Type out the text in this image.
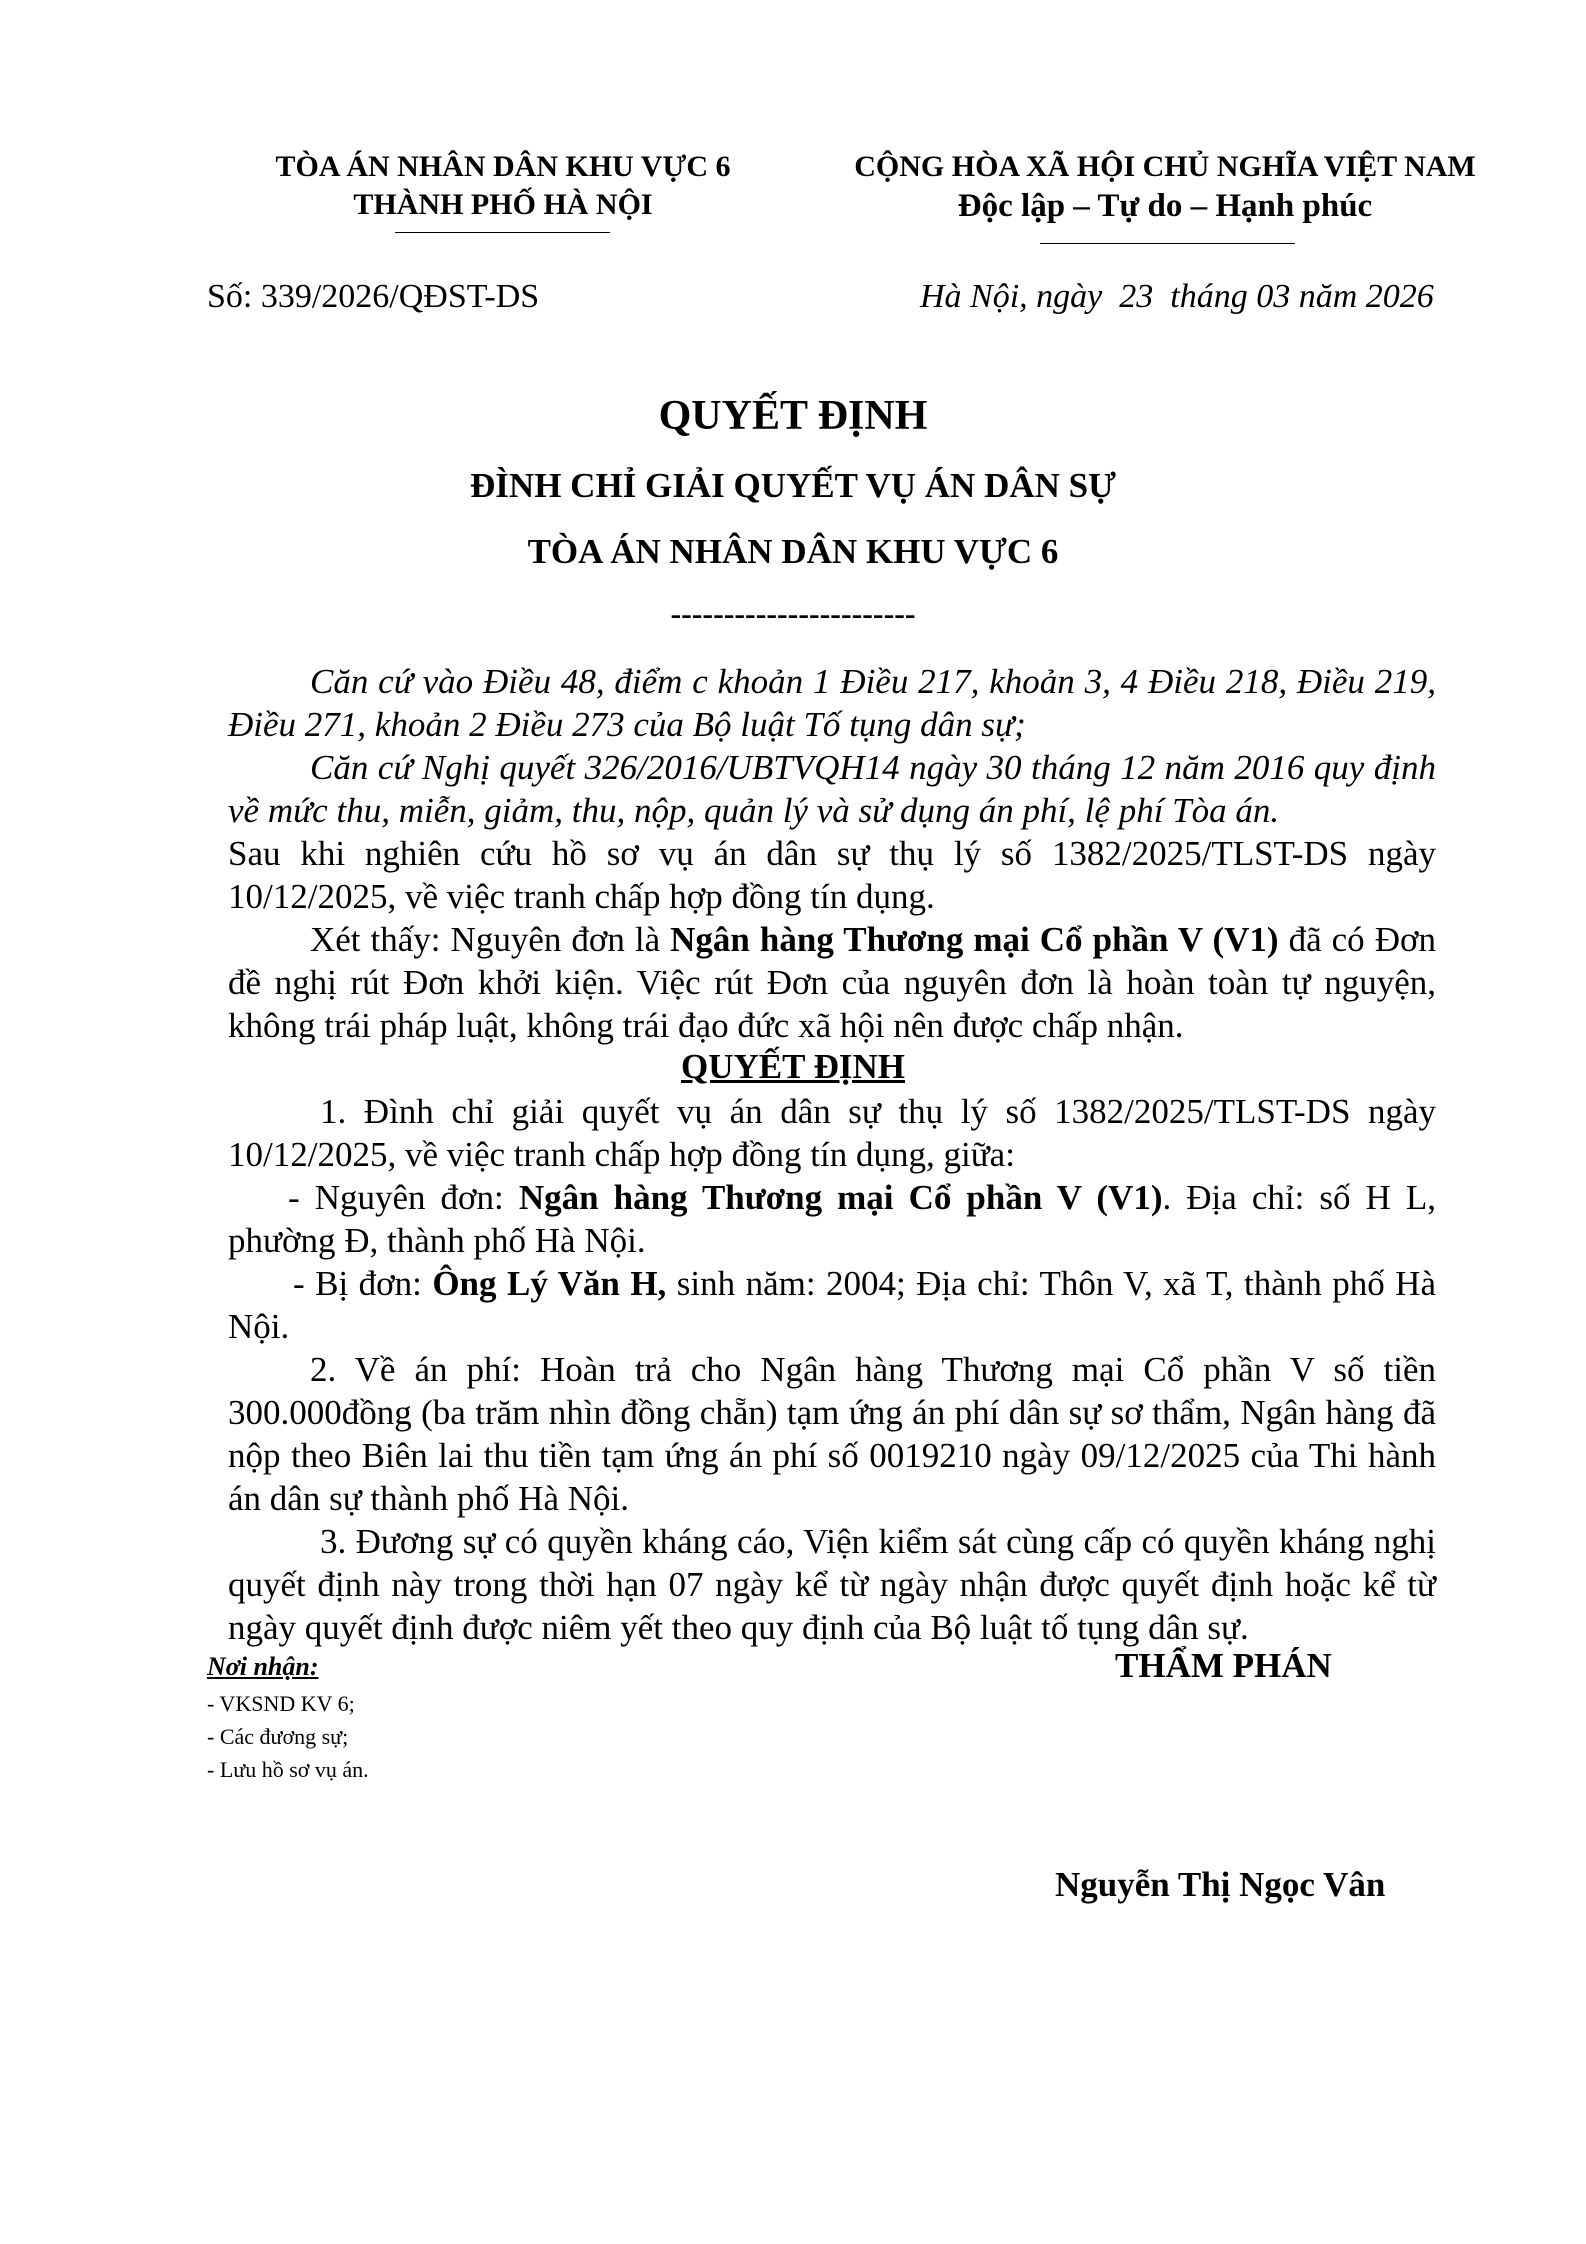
TÒA ÁN NHÂN DÂN KHU VỰC 6
THÀNH PHỐ HÀ NỘI
CỘNG HÒA XÃ HỘI CHỦ NGHĨA VIỆT NAM
Độc lập – Tự do – Hạnh phúc
Số: 339/2026/QĐST-DS	Hà Nội, ngày  23  tháng 03 năm 2026
QUYẾT ĐỊNH
ĐÌNH CHỈ GIẢI QUYẾT VỤ ÁN DÂN SỰ
TÒA ÁN NHÂN DÂN KHU VỰC 6
-----------------------
Căn cứ vào Điều 48, điểm c khoản 1 Điều 217, khoản 3, 4 Điều 218, Điều 219, Điều 271, khoản 2 Điều 273 của Bộ luật Tố tụng dân sự;
Căn cứ Nghị quyết 326/2016/UBTVQH14 ngày 30 tháng 12 năm 2016 quy định về mức thu, miễn, giảm, thu, nộp, quản lý và sử dụng án phí, lệ phí Tòa án.
Sau khi nghiên cứu hồ sơ vụ án dân sự thụ lý số 1382/2025/TLST-DS ngày 10/12/2025, về việc tranh chấp hợp đồng tín dụng.
Xét thấy: Nguyên đơn là Ngân hàng Thương mại Cổ phần V (V1) đã có Đơn đề nghị rút Đơn khởi kiện. Việc rút Đơn của nguyên đơn là hoàn toàn tự nguyện, không trái pháp luật, không trái đạo đức xã hội nên được chấp nhận.
QUYẾT ĐỊNH
1. Đình chỉ giải quyết vụ án dân sự thụ lý số 1382/2025/TLST-DS ngày 10/12/2025, về việc tranh chấp hợp đồng tín dụng, giữa:
- Nguyên đơn: Ngân hàng Thương mại Cổ phần V (V1). Địa chỉ: số H L, phường Đ, thành phố Hà Nội.
- Bị đơn: Ông Lý Văn H, sinh năm: 2004; Địa chỉ: Thôn V, xã T, thành phố Hà Nội.
2. Về án phí: Hoàn trả cho Ngân hàng Thương mại Cổ phần V số tiền 300.000đồng (ba trăm nhìn đồng chẵn) tạm ứng án phí dân sự sơ thẩm, Ngân hàng đã nộp theo Biên lai thu tiền tạm ứng án phí số 0019210 ngày 09/12/2025 của Thi hành án dân sự thành phố Hà Nội.
3. Đương sự có quyền kháng cáo, Viện kiểm sát cùng cấp có quyền kháng nghị quyết định này trong thời hạn 07 ngày kể từ ngày nhận được quyết định hoặc kể từ ngày quyết định được niêm yết theo quy định của Bộ luật tố tụng dân sự.
Nơi nhận:
- VKSND KV 6;
- Các đương sự;
- Lưu hồ sơ vụ án.
THẨM PHÁN
Nguyễn Thị Ngọc Vân
